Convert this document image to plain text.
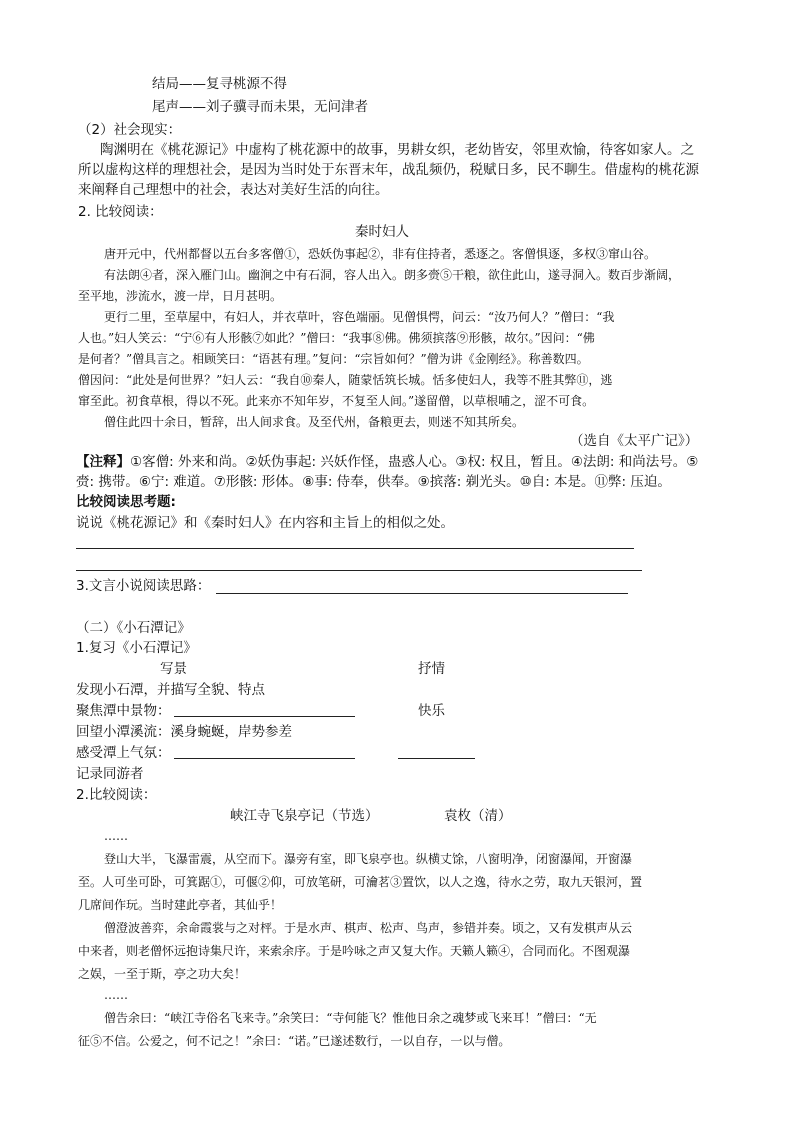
结局——复寻桃源不得
尾声——刘子骥寻而未果，无问津者
（2）社会现实：
陶渊明在《桃花源记》中虚构了桃花源中的故事，男耕女织，老幼皆安，邻里欢愉，待客如家人。之
所以虚构这样的理想社会，是因为当时处于东晋末年，战乱频仍，税赋日多，民不聊生。借虚构的桃花源
来阐释自己理想中的社会，表达对美好生活的向往。
2. 比较阅读：
秦时妇人
唐开元中，代州都督以五台多客僧①，恐妖伪事起②，非有住持者，悉逐之。客僧惧逐，多权③窜山谷。
有法朗④者，深入雁门山。幽涧之中有石洞，容人出入。朗多赍⑤干粮，欲住此山，遂寻洞入。数百步渐阔，
至平地，涉流水，渡一岸，日月甚明。
更行二里，至草屋中，有妇人，并衣草叶，容色端丽。见僧惧愕，问云：“汝乃何人？”僧曰：“我
人也。”妇人笑云：“宁⑥有人形骸⑦如此？”僧曰：“我事⑧佛。佛须摈落⑨形骸，故尔。”因问：“佛
是何者？”僧具言之。相顾笑曰：“语甚有理。”复问：“宗旨如何？”僧为讲《金刚经》。称善数四。
僧因问：“此处是何世界？”妇人云：“我自⑩秦人，随蒙恬筑长城。恬多使妇人，我等不胜其弊⑪，逃
窜至此。初食草根，得以不死。此来亦不知年岁，不复至人间。”遂留僧，以草根哺之，涩不可食。
僧住此四十余日，暂辞，出人间求食。及至代州，备粮更去，则迷不知其所矣。
（选自《太平广记》）
【注释】①客僧: 外来和尚。②妖伪事起: 兴妖作怪，蛊惑人心。③权: 权且，暂且。④法朗: 和尚法号。⑤
赍: 携带。⑥宁: 难道。⑦形骸: 形体。⑧事: 侍奉，供奉。⑨摈落: 剃光头。⑩自: 本是。⑪弊: 压迫。
比较阅读思考题:
说说《桃花源记》和《秦时妇人》在内容和主旨上的相似之处。
3.文言小说阅读思路：
（二）《小石潭记》
1.复习《小石潭记》
写景	抒情
发现小石潭，并描写全貌、特点
聚焦潭中景物：	快乐
回望小潭溪流：溪身蜿蜒，岸势参差
感受潭上气氛：
记录同游者
2.比较阅读：
峡江寺飞泉亭记（节选）	袁枚（清）
……
登山大半，飞瀑雷震，从空而下。瀑旁有室，即飞泉亭也。纵横丈馀，八窗明净，闭窗瀑闻，开窗瀑
至。人可坐可卧，可箕踞①，可偃②仰，可放笔研，可瀹茗③置饮，以人之逸，待水之劳，取九天银河，置
几席间作玩。当时建此亭者，其仙乎！
僧澄波善弈，余命霞裳与之对枰。于是水声、棋声、松声、鸟声，参错并奏。顷之，又有发棋声从云
中来者，则老僧怀远抱诗集尺许，来索余序。于是吟咏之声又复大作。天籁人籁④，合同而化。不图观瀑
之娱，一至于斯，亭之功大矣！
……
僧告余曰：“峡江寺俗名飞来寺。”余笑曰：“寺何能飞？惟他日余之魂梦或飞来耳！”僧曰：“无
征⑤不信。公爱之，何不记之！”余曰：“诺。”已遂述数行，一以自存，一以与僧。
